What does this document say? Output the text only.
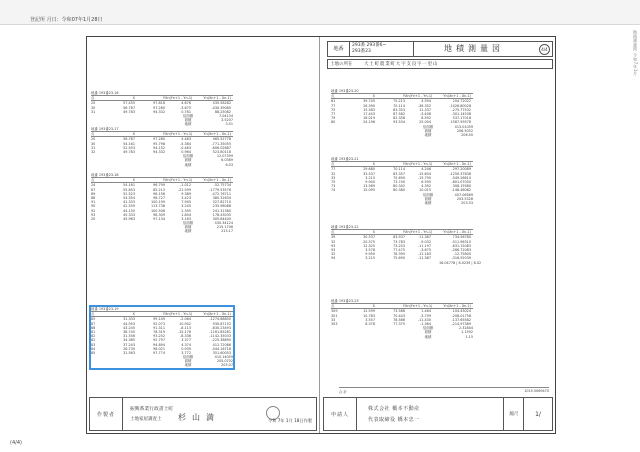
登記所 月日：令和07年1月28日
地積測量図 令和7年1月
地番
293番 293番6~
293番23	地積測量図	4/4
土地の所在	大土町農業町大字支良字一里山
地番 193番23-16
点	X	Y Xn(Yn+1 - Yn-1)	Yn(Xn+1 - Xn-1)
20	57.455	97.816	4.676	435.58282
30	56.787	97.280	-3.675	-430.39080
31	49.783	94.332	0.761	88.25082
倍面積	7.04134
面積	3.5207
地積	3.51
地番 193番23-17
点	X	Y Xn(Yn+1 - Yn-1)	Yn(Xn+1 - Xn-1)
20	56.787	97.280	4.463	465.52778
30	54.161	95.798	-5.384	-771.35055
31	52.553	94.152	-0.463	-606.02887
32	49.783	94.332	0.964	523.80118
倍面積	12.07399
面積	6.0369
地積	6.03
地番 193番23-18
点	X	Y Xn(Yn+1 - Yn-1)	Yn(Xn+1 - Xn-1)
24	54.161	96.799	-1.012	-52.75734
87	55.853	85.213	-21.599	-1779.53576
89	52.523	96.156	9.389	-472.76711
88	54.354	98.727	3.423	380.32634
91	41.333	100.199	7.945	327.82710
90	42.559	113.738	3.245	235.98088
92	44.150	100.508	2.395	241.31380
93	45.333	98.309	1.804	178.43035
20	45.963	97.134	3.163	305.84400
倍面積	430.34124
面積	215.1706
地積	215.17
地番 193番23-19
点	X	Y Xn(Yn+1 - Yn-1)	Yn(Xn+1 - Xn-1)
85	31.333	99.149	-2.064	-1274.68800
87	44.953	92.073	10.942	930.87152
88	43.245	91.311	-8.113	-630.23493
81	38.745	78.319	-15.176	-1161.85281
82	31.556	93.252	-8.336	-1142.35033
82	34.385	92.797	3.377	-225.38890
83	37.243	94.894	4.374	411.72086
84	28.730	98.021	0.939	-444.16718
85	31.563	97.774	3.772	351.60053
倍面積	410.14059
面積	205.0702
地積	205.07
地番 193番23-20
点	X	Y Xn(Yn+1 - Yn-1)	Yn(Xn+1 - Xn-1)
61	39.745	75.213	4.594	204.72022
77	26.390	70.114	-36.352	-1426.80028
75	15.583	83.353	11.337	-275.77532
77	17.443	87.582	-3.408	-301.14538
79	18.019	82.358	8.592	537.17018
80	24.196	93.534	25.004	1587.59578
倍面積	413.01059
面積	206.5052
地積	206.50
地番 193番23-21
点	X	Y Xn(Yn+1 - Yn-1)	Yn(Xn+1 - Xn-1)
77	29.680	70.114	4.246	297.20089
32	33.537	83.357	-15.604	-1250.37838
33	3.215	75.690	-15.795	-549.26810
75	9.940	73.740	6.595	-801.07050
73	13.589	80.342	4.392	308.15580
74	15.095	80.380	10.015	-148.48082
倍面積	407.06569
面積	203.5328
地積	203.53
地番 193番23-22
点	X	Y Xn(Yn+1 - Yn-1)	Yn(Xn+1 - Xn-1)
39	30.537	63.937	11.367	734.56780
32	20.575	73.783	-9.032	-511.96310
93	12.325	73.253	-11.197	-631.15083
93	3.578	77.475	-3.675	-266.72083
32	9.950	78.395	-11.183	-12.75800
94	3.215	75.690	-11.387	-316.92039
16.04778 | 8.0239 | 8.02
地番 193番23-23
点	X	Y Xn(Yn+1 - Yn-1)	Yn(Xn+1 - Xn-1)
309	12.599	73.586	1.464	104.43024
301	10.783	70.443	-3.799	-208.01758
33	3.557	78.586	-11.430	-137.65582
303	8.378	77.375	-1.364	-214.97389
倍面積	2.31844
面積	1.1592
地積	1.15
合 計	1015.5069470
作製者
振興系業行政書士町
土地家屋調査士 杉山満	令和 7年 1月 18日作製
申請人
株式会社 橋本不動産
代表取締役 橋本忠一
縮尺	1/
(4/4)
